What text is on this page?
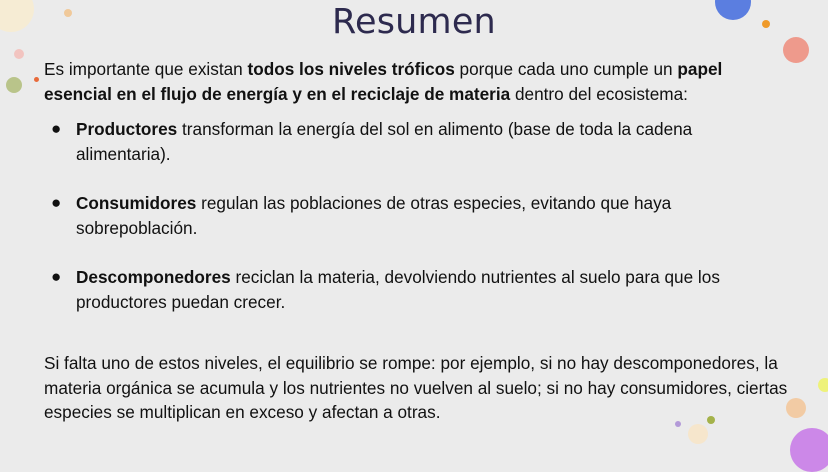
Resumen

Es importante que existan todos los niveles tróficos porque cada uno cumple un papel esencial en el flujo de energía y en el reciclaje de materia dentro del ecosistema:

● Productores transforman la energía del sol en alimento (base de toda la cadena alimentaria).
● Consumidores regulan las poblaciones de otras especies, evitando que haya sobrepoblación.
● Descomponedores reciclan la materia, devolviendo nutrientes al suelo para que los productores puedan crecer.

Si falta uno de estos niveles, el equilibrio se rompe: por ejemplo, si no hay descomponedores, la materia orgánica se acumula y los nutrientes no vuelven al suelo; si no hay consumidores, ciertas especies se multiplican en exceso y afectan a otras.
